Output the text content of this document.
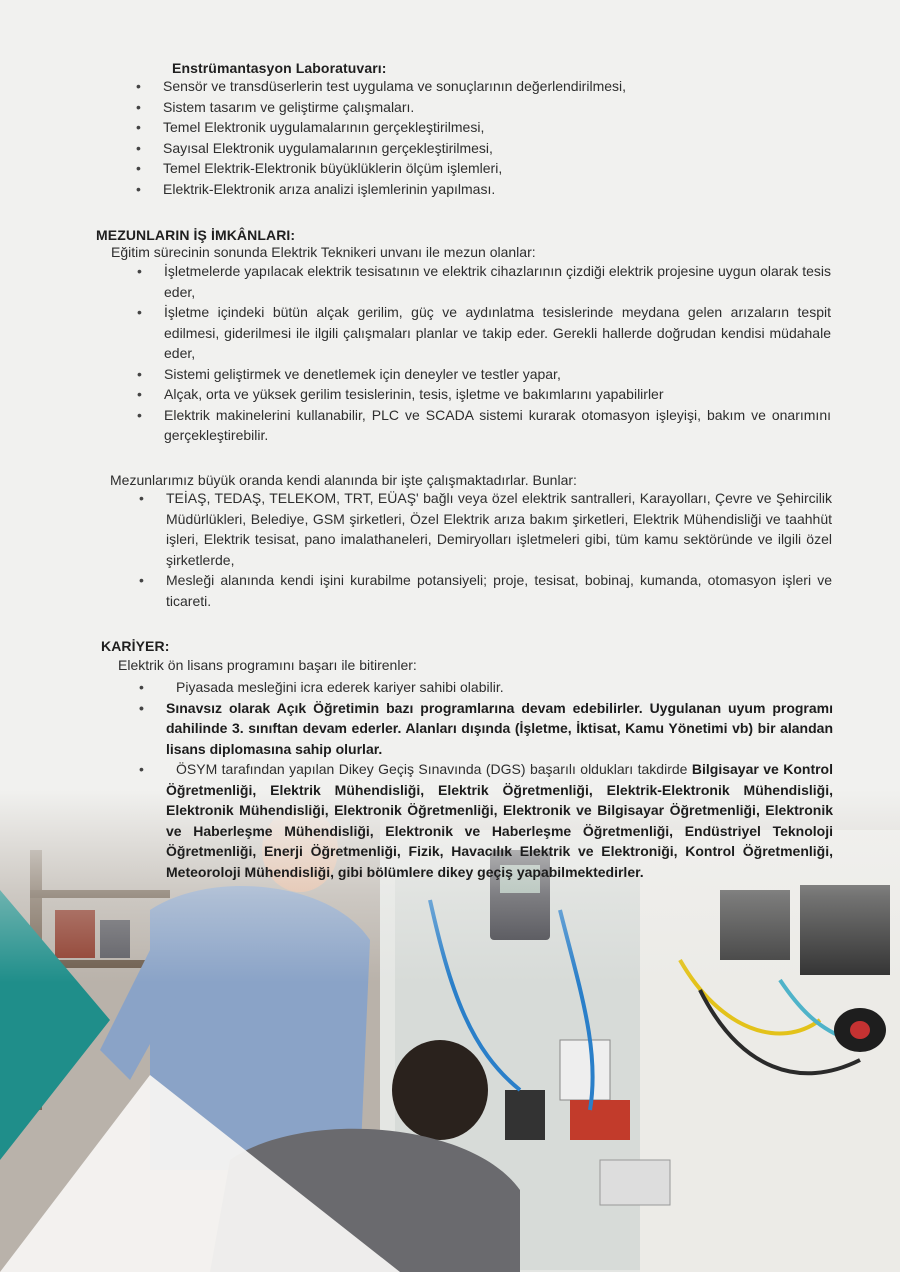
Enstrümantasyon Laboratuvarı:
• Sensör ve transdüserlerin test uygulama ve sonuçlarının değerlendirilmesi,
• Sistem tasarım ve geliştirme çalışmaları.
• Temel Elektronik uygulamalarının gerçekleştirilmesi,
• Sayısal Elektronik uygulamalarının gerçekleştirilmesi,
• Temel Elektrik-Elektronik büyüklüklerin ölçüm işlemleri,
• Elektrik-Elektronik arıza analizi işlemlerinin yapılması.
MEZUNLARIN İŞ İMKÂNLARI:
Eğitim sürecinin sonunda Elektrik Teknikeri unvanı ile mezun olanlar:
• İşletmelerde yapılacak elektrik tesisatının ve elektrik cihazlarının çizdiği elektrik projesine uygun olarak tesis eder,
• İşletme içindeki bütün alçak gerilim, güç ve aydınlatma tesislerinde meydana gelen arızaların tespit edilmesi, giderilmesi ile ilgili çalışmaları planlar ve takip eder. Gerekli hallerde doğrudan kendisi müdahale eder,
• Sistemi geliştirmek ve denetlemek için deneyler ve testler yapar,
• Alçak, orta ve yüksek gerilim tesislerinin, tesis, işletme ve bakımlarını yapabilirler
• Elektrik makinelerini kullanabilir, PLC ve SCADA sistemi kurarak otomasyon işleyişi, bakım ve onarımını gerçekleştirebilir.
Mezunlarımız büyük oranda kendi alanında bir işte çalışmaktadırlar. Bunlar:
• TEİAŞ, TEDAŞ, TELEKOM, TRT, EÜAŞ' bağlı veya özel elektrik santralleri, Karayolları, Çevre ve Şehircilik Müdürlükleri, Belediye, GSM şirketleri, Özel Elektrik arıza bakım şirketleri, Elektrik Mühendisliği ve taahhüt işleri, Elektrik tesisat, pano imalathaneleri, Demiryolları işletmeleri gibi, tüm kamu sektöründe ve ilgili özel şirketlerde,
• Mesleği alanında kendi işini kurabilme potansiyeli; proje, tesisat, bobinaj, kumanda, otomasyon işleri ve ticareti.
KARİYER:
Elektrik ön lisans programını başarı ile bitirenler:
• Piyasada mesleğini icra ederek kariyer sahibi olabilir.
• Sınavsız olarak Açık Öğretimin bazı programlarına devam edebilirler. Uygulanan uyum programı dahilinde 3. sınıftan devam ederler. Alanları dışında (İşletme, İktisat, Kamu Yönetimi vb) bir alandan lisans diplomasına sahip olurlar.
• ÖSYM tarafından yapılan Dikey Geçiş Sınavında (DGS) başarılı oldukları takdirde Bilgisayar ve Kontrol Öğretmenliği, Elektrik Mühendisliği, Elektrik Öğretmenliği, Elektrik-Elektronik Mühendisliği, Elektronik Mühendisliği, Elektronik Öğretmenliği, Elektronik ve Bilgisayar Öğretmenliği, Elektronik ve Haberleşme Mühendisliği, Elektronik ve Haberleşme Öğretmenliği, Endüstriyel Teknoloji Öğretmenliği, Enerji Öğretmenliği, Fizik, Havacılık Elektrik ve Elektroniği, Kontrol Öğretmenliği, Meteoroloji Mühendisliği, gibi bölümlere dikey geçiş yapabilmektedirler.
